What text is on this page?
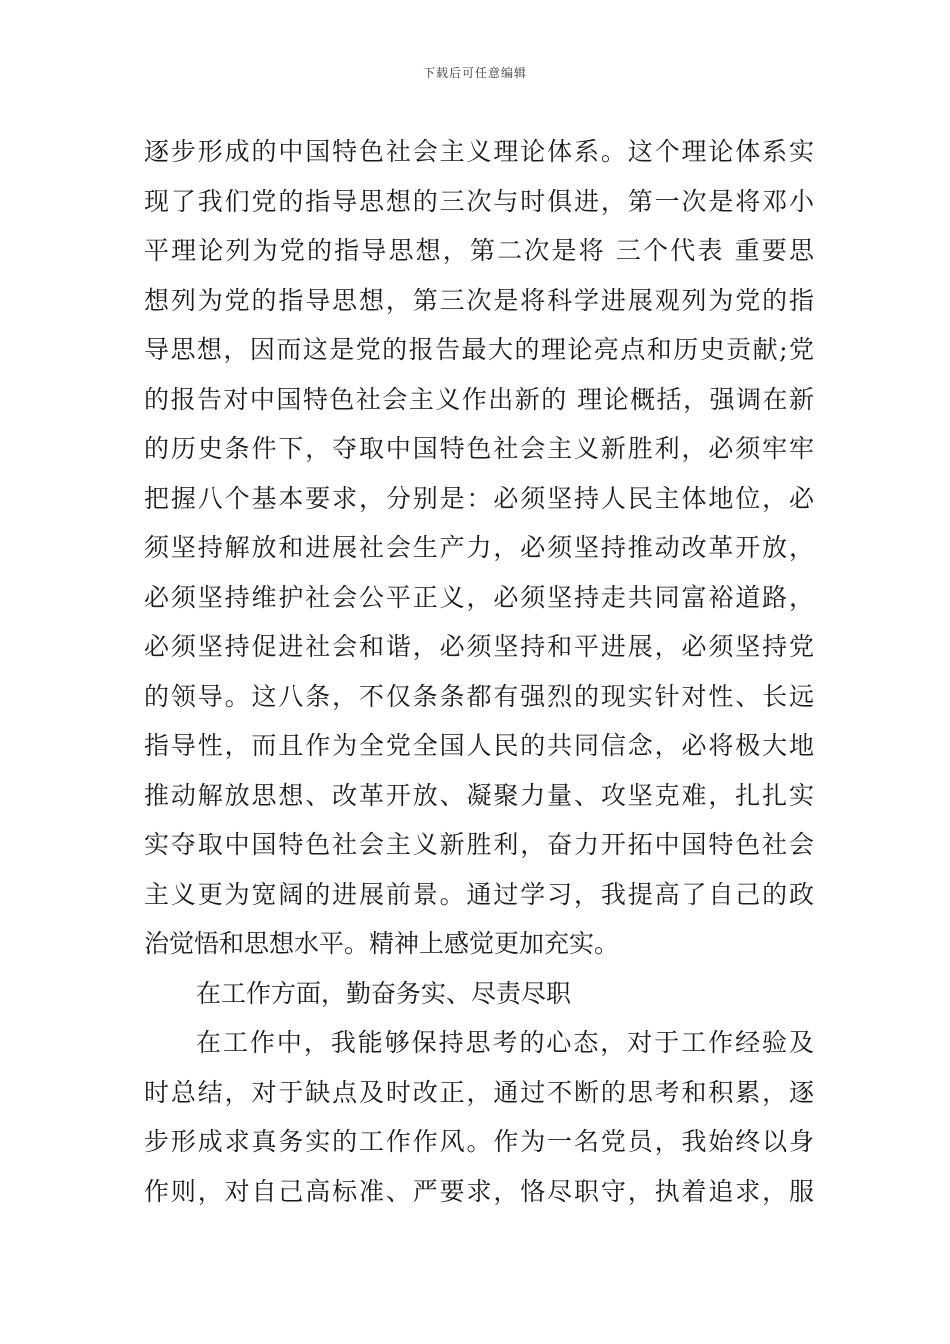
下载后可任意编辑
逐步形成的中国特色社会主义理论体系。这个理论体系实
现了我们党的指导思想的三次与时俱进，第一次是将邓小
平理论列为党的指导思想，第二次是将 三个代表 重要思
想列为党的指导思想，第三次是将科学进展观列为党的指
导思想，因而这是党的报告最大的理论亮点和历史贡献;党
的报告对中国特色社会主义作出新的 理论概括，强调在新
的历史条件下，夺取中国特色社会主义新胜利，必须牢牢
把握八个基本要求，分别是：必须坚持人民主体地位，必
须坚持解放和进展社会生产力，必须坚持推动改革开放，
必须坚持维护社会公平正义，必须坚持走共同富裕道路，
必须坚持促进社会和谐，必须坚持和平进展，必须坚持党
的领导。这八条，不仅条条都有强烈的现实针对性、长远
指导性，而且作为全党全国人民的共同信念，必将极大地
推动解放思想、改革开放、凝聚力量、攻坚克难，扎扎实
实夺取中国特色社会主义新胜利，奋力开拓中国特色社会
主义更为宽阔的进展前景。通过学习，我提高了自己的政
治觉悟和思想水平。精神上感觉更加充实。
在工作方面，勤奋务实、尽责尽职
在工作中，我能够保持思考的心态，对于工作经验及
时总结，对于缺点及时改正，通过不断的思考和积累，逐
步形成求真务实的工作作风。作为一名党员，我始终以身
作则，对自己高标准、严要求，恪尽职守，执着追求，服
